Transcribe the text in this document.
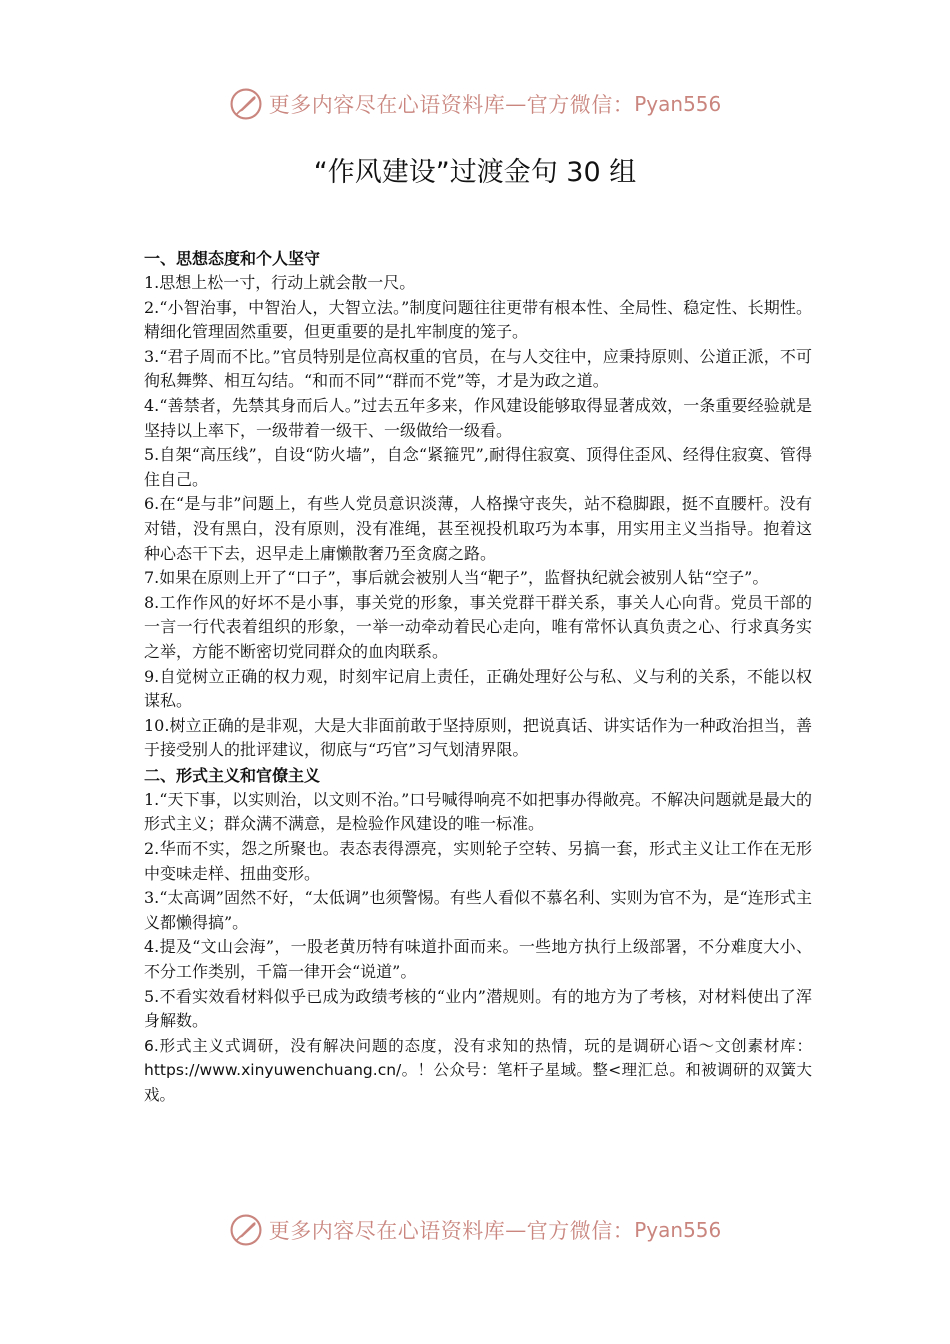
更多内容尽在心语资料库 — 官方微信： Pyan556
“作风建设”过渡金句 30 组

一、思想态度和个人坚守

1.思想上松一寸，行动上就会散一尺。

2.“小智治事，中智治人，大智立法。”制度问题往往更带有根本性、全局性、稳定性、长期性。精细化管理固然重要，但更重要的是扎牢制度的笼子。

3.“君子周而不比。”官员特别是位高权重的官员，在与人交往中，应秉持原则、公道正派，不可徇私舞弊、相互勾结。“和而不同”“群而不党”等，才是为政之道。

4.“善禁者，先禁其身而后人。”过去五年多来，作风建设能够取得显著成效，一条重要经验就是坚持以上率下，一级带着一级干、一级做给一级看。

5.自架“高压线”，自设“防火墙”，自念“紧箍咒”,耐得住寂寞、顶得住歪风、经得住寂寞、管得住自己。

6.在“是与非”问题上，有些人党员意识淡薄，人格操守丧失，站不稳脚跟，挺不直腰杆。没有对错，没有黑白，没有原则，没有准绳，甚至视投机取巧为本事，用实用主义当指导。抱着这种心态干下去，迟早走上庸懒散奢乃至贪腐之路。

7.如果在原则上开了“口子”，事后就会被别人当“靶子”，监督执纪就会被别人钻“空子”。

8.工作作风的好坏不是小事，事关党的形象，事关党群干群关系，事关人心向背。党员干部的一言一行代表着组织的形象，一举一动牵动着民心走向，唯有常怀认真负责之心、行求真务实之举，方能不断密切党同群众的血肉联系。

9.自觉树立正确的权力观，时刻牢记肩上责任，正确处理好公与私、义与利的关系，不能以权谋私。

10.树立正确的是非观，大是大非面前敢于坚持原则，把说真话、讲实话作为一种政治担当，善于接受别人的批评建议，彻底与“巧官”习气划清界限。

二、形式主义和官僚主义

1.“天下事，以实则治，以文则不治。”口号喊得响亮不如把事办得敞亮。不解决问题就是最大的形式主义；群众满不满意，是检验作风建设的唯一标准。

2.华而不实，怨之所聚也。表态表得漂亮，实则轮子空转、另搞一套，形式主义让工作在无形中变味走样、扭曲变形。

3.“太高调”固然不好，“太低调”也须警惕。有些人看似不慕名利、实则为官不为，是“连形式主义都懒得搞”。

4.提及“文山会海”，一股老黄历特有味道扑面而来。一些地方执行上级部署，不分难度大小、不分工作类别，千篇一律开会“说道”。

5.不看实效看材料似乎已成为政绩考核的“业内”潜规则。有的地方为了考核，对材料使出了浑身解数。

6.形式主义式调研，没有解决问题的态度，没有求知的热情，玩的是调研心语～文创素材库：https://www.xinyuwenchuang.cn/。！公众号：笔杆子星域。整<理汇总。和被调研的双簧大戏。

更多内容尽在心语资料库 — 官方微信： Pyan556
